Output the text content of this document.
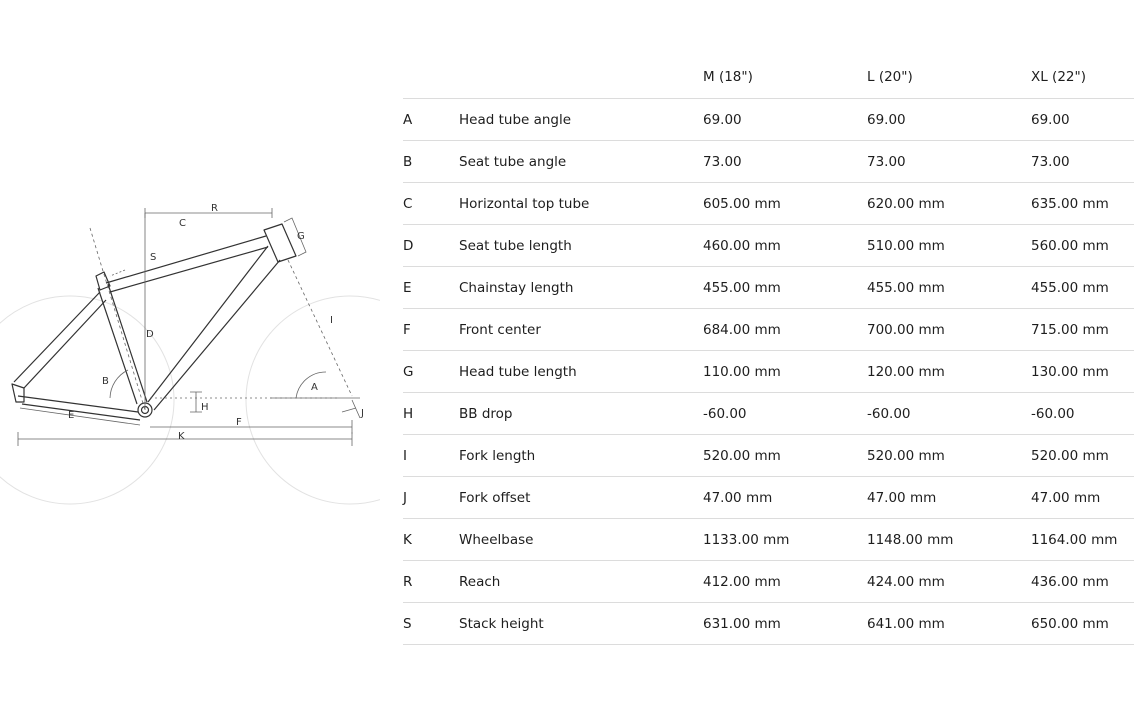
R
C
S
G
D
I
B
A
H
J
E
F
K
		M (18")	L (20")	XL (22")
A	Head tube angle	69.00	69.00	69.00
B	Seat tube angle	73.00	73.00	73.00
C	Horizontal top tube	605.00 mm	620.00 mm	635.00 mm
D	Seat tube length	460.00 mm	510.00 mm	560.00 mm
E	Chainstay length	455.00 mm	455.00 mm	455.00 mm
F	Front center	684.00 mm	700.00 mm	715.00 mm
G	Head tube length	110.00 mm	120.00 mm	130.00 mm
H	BB drop	-60.00	-60.00	-60.00
I	Fork length	520.00 mm	520.00 mm	520.00 mm
J	Fork offset	47.00 mm	47.00 mm	47.00 mm
K	Wheelbase	1133.00 mm	1148.00 mm	1164.00 mm
R	Reach	412.00 mm	424.00 mm	436.00 mm
S	Stack height	631.00 mm	641.00 mm	650.00 mm
